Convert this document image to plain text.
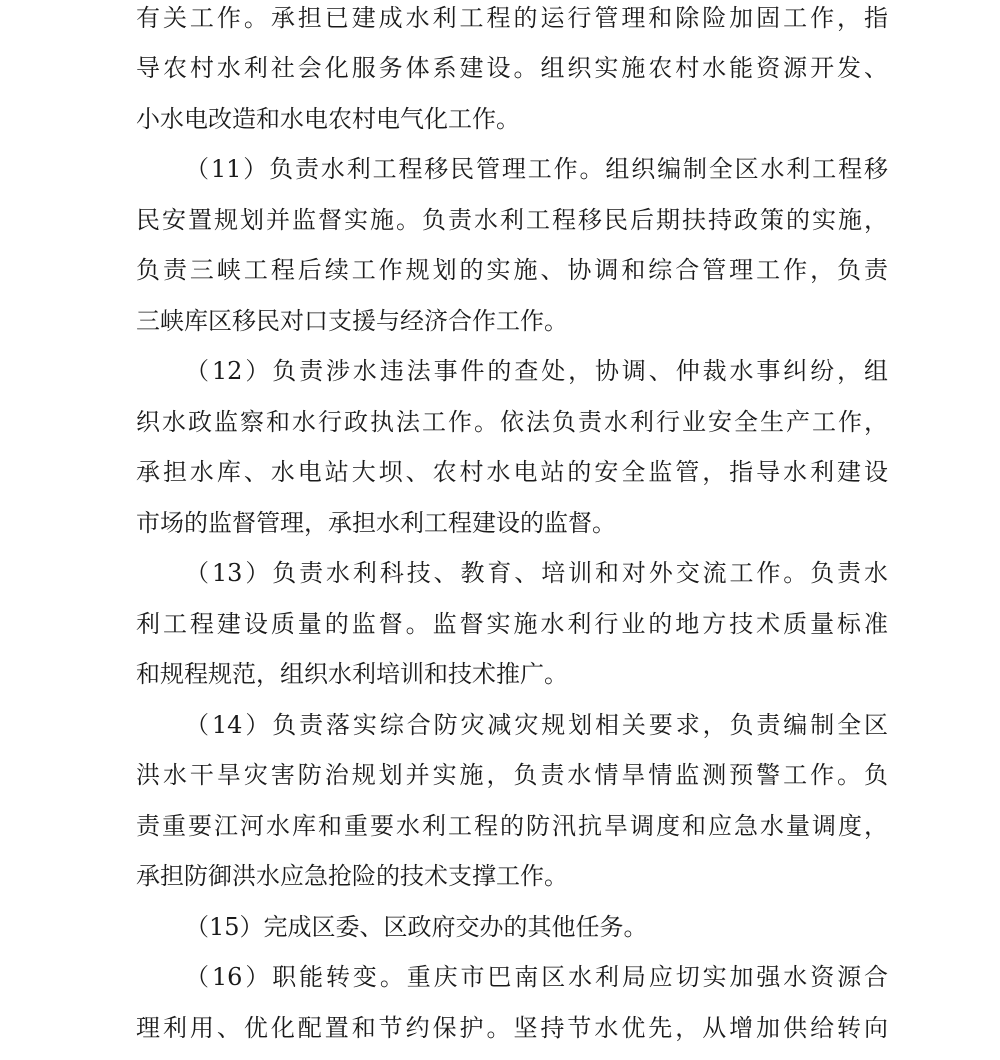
有关工作。承担已建成水利工程的运行管理和除险加固工作，指
导农村水利社会化服务体系建设。组织实施农村水能资源开发、
小水电改造和水电农村电气化工作。
（11）负责水利工程移民管理工作。组织编制全区水利工程移
民安置规划并监督实施。负责水利工程移民后期扶持政策的实施，
负责三峡工程后续工作规划的实施、协调和综合管理工作，负责
三峡库区移民对口支援与经济合作工作。
（12）负责涉水违法事件的查处，协调、仲裁水事纠纷，组
织水政监察和水行政执法工作。依法负责水利行业安全生产工作，
承担水库、水电站大坝、农村水电站的安全监管，指导水利建设
市场的监督管理，承担水利工程建设的监督。
（13）负责水利科技、教育、培训和对外交流工作。负责水
利工程建设质量的监督。监督实施水利行业的地方技术质量标准
和规程规范，组织水利培训和技术推广。
（14）负责落实综合防灾减灾规划相关要求，负责编制全区
洪水干旱灾害防治规划并实施，负责水情旱情监测预警工作。负
责重要江河水库和重要水利工程的防汛抗旱调度和应急水量调度，
承担防御洪水应急抢险的技术支撑工作。
（15）完成区委、区政府交办的其他任务。
（16）职能转变。重庆市巴南区水利局应切实加强水资源合
理利用、优化配置和节约保护。坚持节水优先，从增加供给转向
